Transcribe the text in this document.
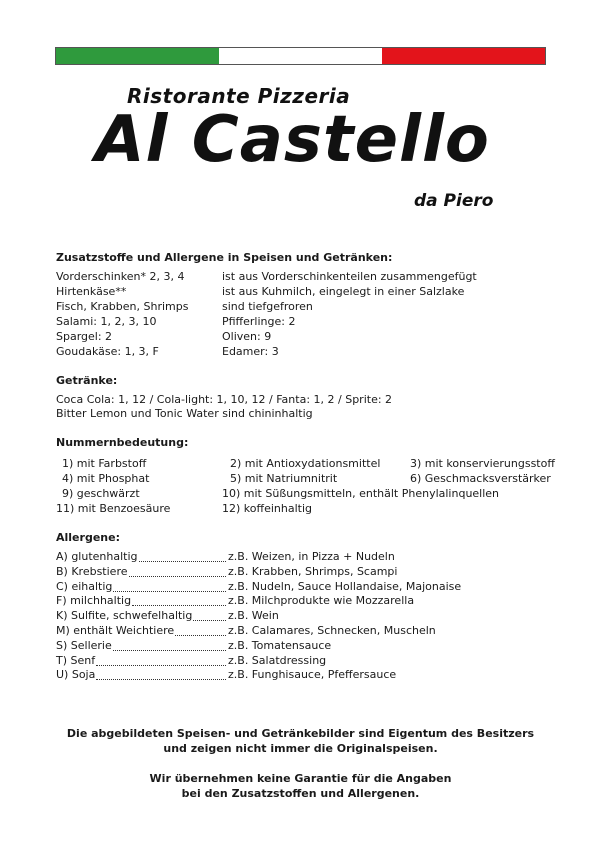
Ristorante Pizzeria
Al Castello
da Piero
Zusatzstoffe und Allergene in Speisen und Getränken:
Vorderschinken* 2, 3, 4	ist aus Vorderschinkenteilen zusammengefügt
Hirtenkäse**	ist aus Kuhmilch, eingelegt in einer Salzlake
Fisch, Krabben, Shrimps	sind tiefgefroren
Salami: 1, 2, 3, 10	Pfifferlinge: 2
Spargel: 2	Oliven: 9
Goudakäse: 1, 3, F	Edamer: 3
Getränke:
Coca Cola: 1, 12 / Cola-light: 1, 10, 12 / Fanta: 1, 2 / Sprite: 2
Bitter Lemon und Tonic Water sind chininhaltig
Nummernbedeutung:
1) mit Farbstoff	2) mit Antioxydationsmittel	3) mit konservierungsstoff
4) mit Phosphat	5) mit Natriumnitrit	6) Geschmacksverstärker
9) geschwärzt	10) mit Süßungsmitteln, enthält Phenylalinquellen
11) mit Benzoesäure	12) koffeinhaltig
Allergene:
A) glutenhaltig	z.B. Weizen, in Pizza + Nudeln
B) Krebstiere	z.B. Krabben, Shrimps, Scampi
C) eihaltig	z.B. Nudeln, Sauce Hollandaise, Majonaise
F) milchhaltig	z.B. Milchprodukte wie Mozzarella
K) Sulfite, schwefelhaltig	z.B. Wein
M) enthält Weichtiere	z.B. Calamares, Schnecken, Muscheln
S) Sellerie	z.B. Tomatensauce
T) Senf	z.B. Salatdressing
U) Soja	z.B. Funghisauce, Pfeffersauce
Die abgebildeten Speisen- und Getränkebilder sind Eigentum des Besitzers
und zeigen nicht immer die Originalspeisen.
Wir übernehmen keine Garantie für die Angaben
bei den Zusatzstoffen und Allergenen.
